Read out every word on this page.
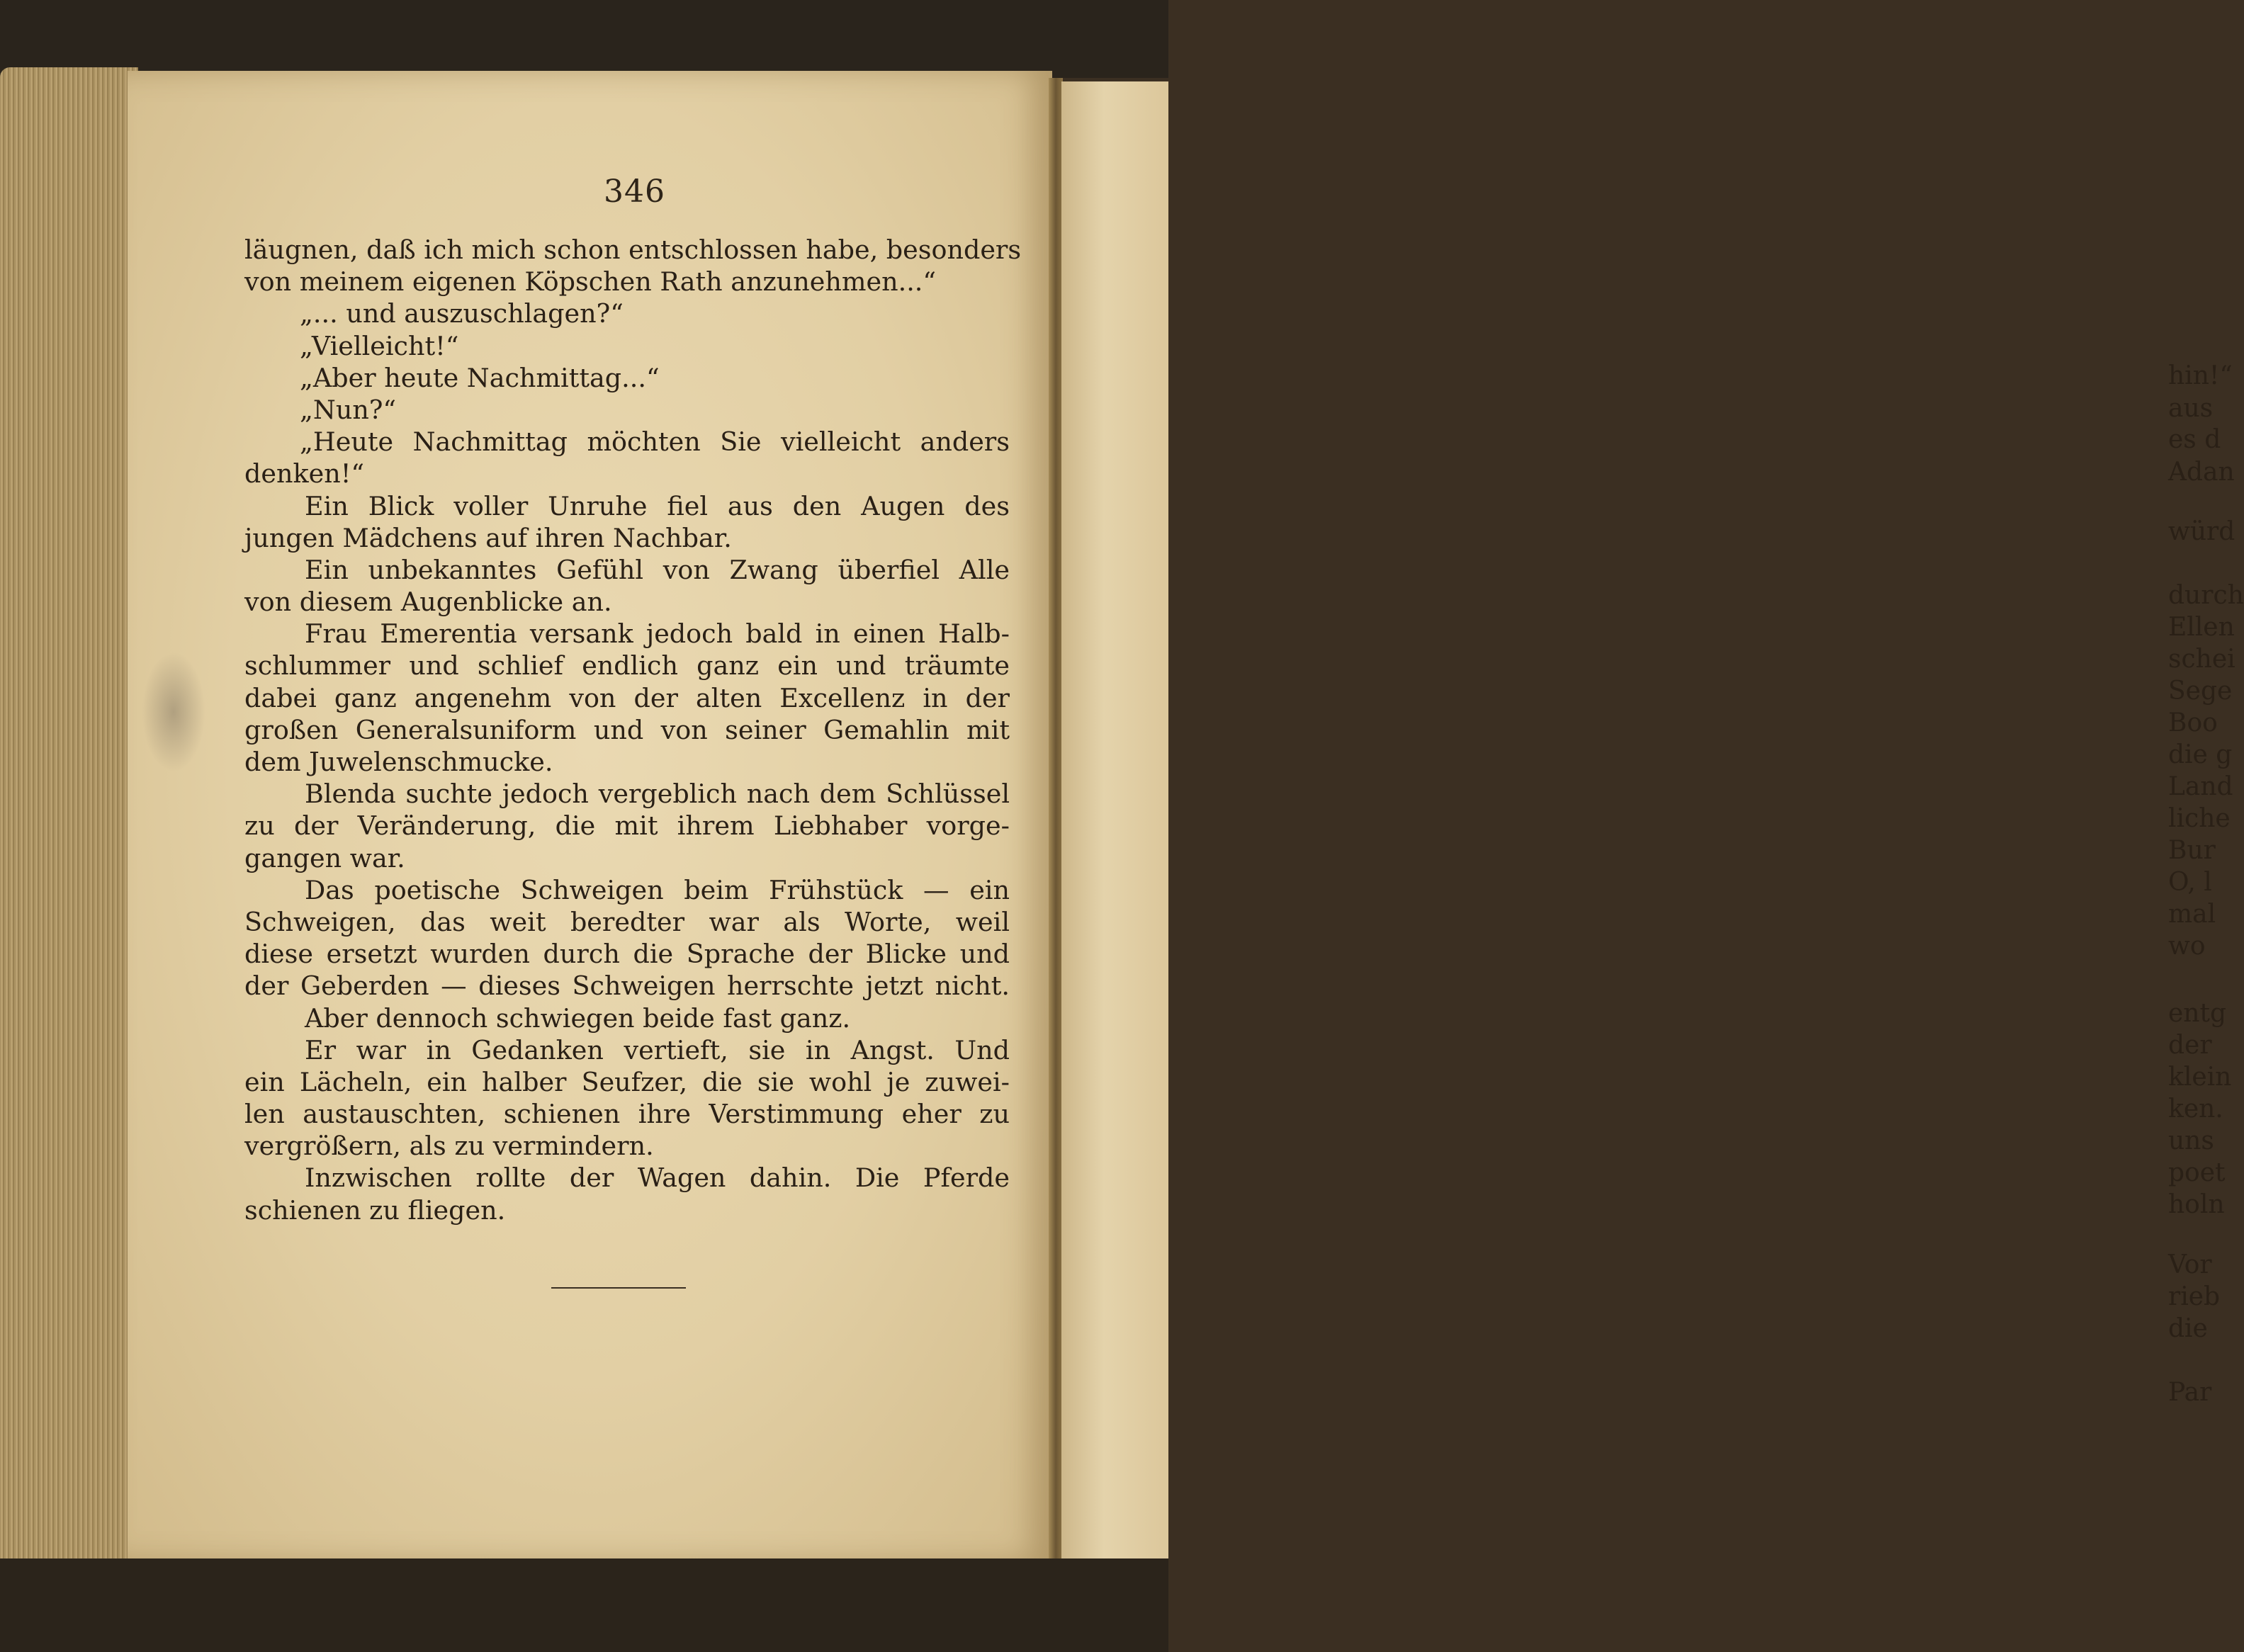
hin!“
aus
es d
Adan
würd
durch
Ellen
schei
Sege
Boo
die g
Land
liche
Bur
O, l
mal
wo
entg
der
klein
ken.
uns
poet
holn
Vor
rieb
die
Par
346
läugnen, daß ich mich schon entschlossen habe, besonders
von meinem eigenen Köpschen Rath anzunehmen...“
„... und auszuschlagen?“
„Vielleicht!“
„Aber heute Nachmittag...“
„Nun?“
„Heute Nachmittag möchten Sie vielleicht anders
denken!“
Ein Blick voller Unruhe fiel aus den Augen des
jungen Mädchens auf ihren Nachbar.
Ein unbekanntes Gefühl von Zwang überfiel Alle
von diesem Augenblicke an.
Frau Emerentia versank jedoch bald in einen Halb-
schlummer und schlief endlich ganz ein und träumte
dabei ganz angenehm von der alten Excellenz in der
großen Generalsuniform und von seiner Gemahlin mit
dem Juwelenschmucke.
Blenda suchte jedoch vergeblich nach dem Schlüssel
zu der Veränderung, die mit ihrem Liebhaber vorge-
gangen war.
Das poetische Schweigen beim Frühstück — ein
Schweigen, das weit beredter war als Worte, weil
diese ersetzt wurden durch die Sprache der Blicke und
der Geberden — dieses Schweigen herrschte jetzt nicht.
Aber dennoch schwiegen beide fast ganz.
Er war in Gedanken vertieft, sie in Angst. Und
ein Lächeln, ein halber Seufzer, die sie wohl je zuwei-
len austauschten, schienen ihre Verstimmung eher zu
vergrößern, als zu vermindern.
Inzwischen rollte der Wagen dahin. Die Pferde
schienen zu fliegen.
